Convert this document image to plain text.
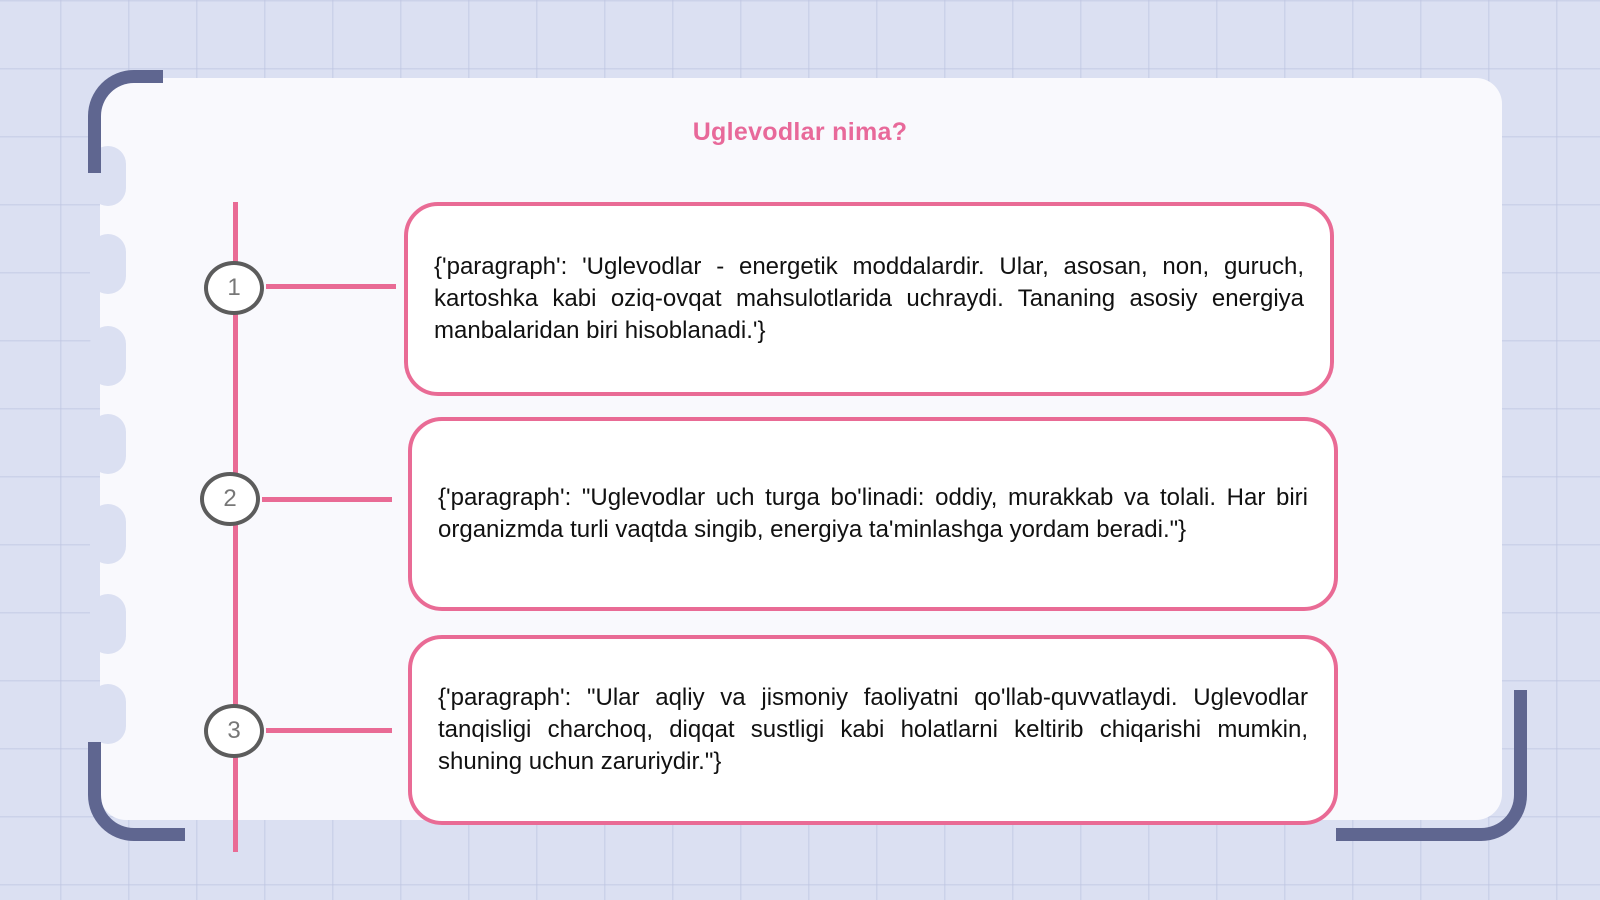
Uglevodlar nima?
1
{'paragraph': 'Uglevodlar - energetik moddalardir. Ular, asosan, non, guruch, kartoshka kabi oziq-ovqat mahsulotlarida uchraydi. Tananing asosiy energiya manbalaridan biri hisoblanadi.'}
2	{'paragraph': "Uglevodlar uch turga bo'linadi: oddiy, murakkab va tolali. Har biri organizmda turli vaqtda singib, energiya ta'minlashga yordam beradi."}
3
{'paragraph': "Ular aqliy va jismoniy faoliyatni qo'llab-quvvatlaydi. Uglevodlar tanqisligi charchoq, diqqat sustligi kabi holatlarni keltirib chiqarishi mumkin, shuning uchun zaruriydir."}
